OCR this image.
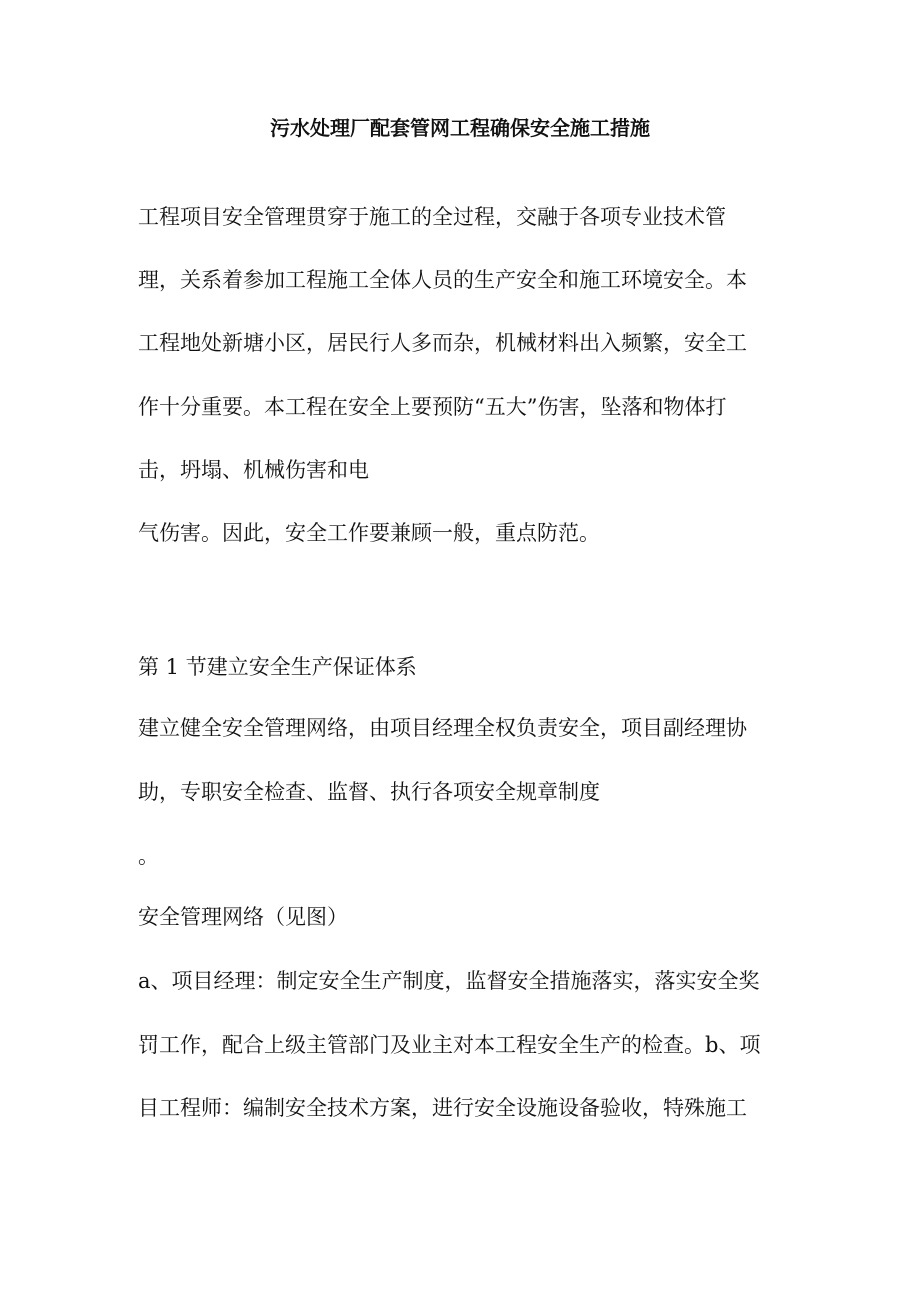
污水处理厂配套管网工程确保安全施工措施

工程项目安全管理贯穿于施工的全过程，交融于各项专业技术管

理，关系着参加工程施工全体人员的生产安全和施工环境安全。本

工程地处新塘小区，居民行人多而杂，机械材料出入频繁，安全工

作十分重要。本工程在安全上要预防“五大”伤害，坠落和物体打

击，坍塌、机械伤害和电

气伤害。因此，安全工作要兼顾一般，重点防范。

第 1 节建立安全生产保证体系

建立健全安全管理网络，由项目经理全权负责安全，项目副经理协

助，专职安全检查、监督、执行各项安全规章制度

。

安全管理网络（见图）

a、项目经理：制定安全生产制度，监督安全措施落实，落实安全奖

罚工作，配合上级主管部门及业主对本工程安全生产的检查。b、项

目工程师：编制安全技术方案，进行安全设施设备验收，特殊施工
